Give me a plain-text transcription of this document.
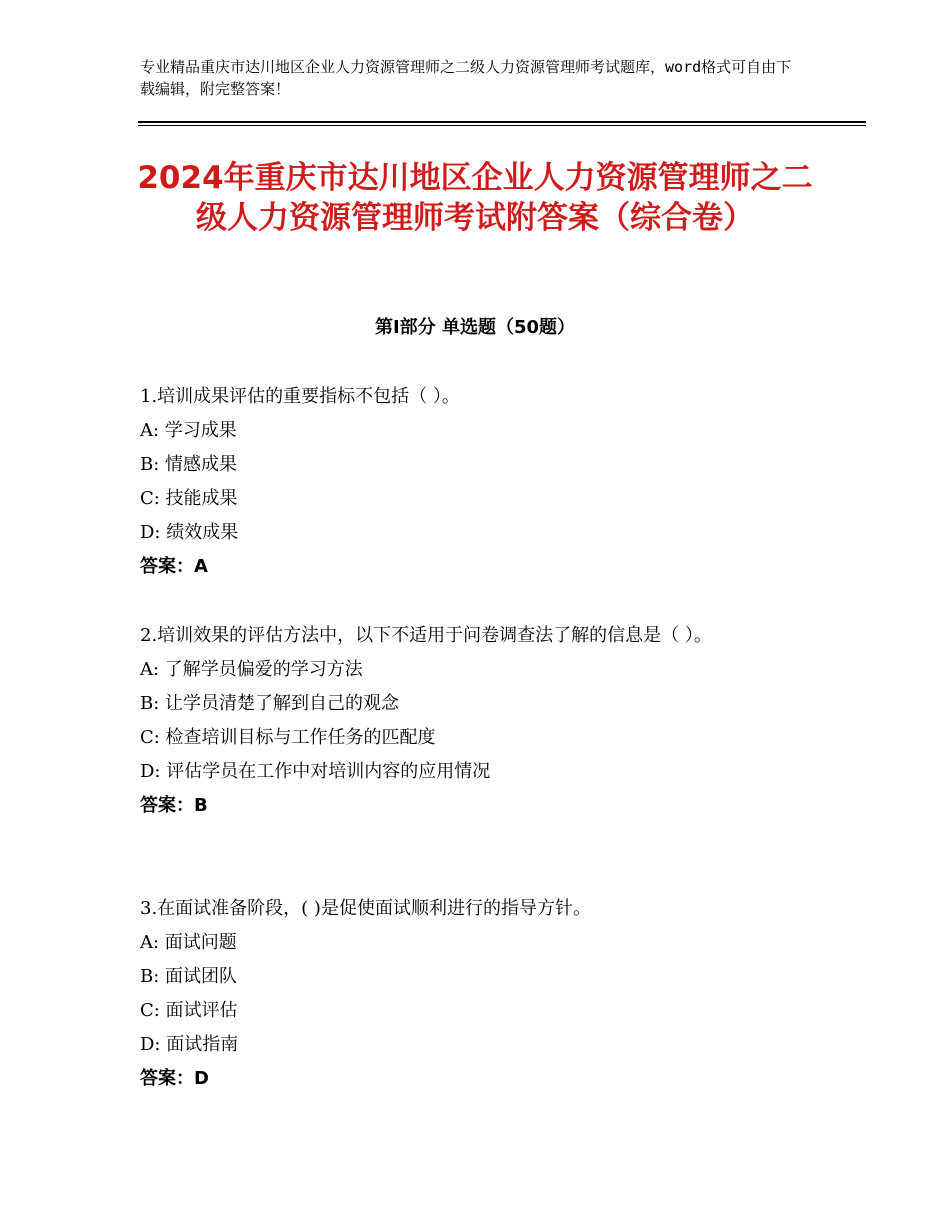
专业精品重庆市达川地区企业人力资源管理师之二级人力资源管理师考试题库，word格式可自由下载编辑，附完整答案！
2024年重庆市达川地区企业人力资源管理师之二级人力资源管理师考试附答案（综合卷）
第Ⅰ部分 单选题（50题）
1.培训成果评估的重要指标不包括（ ）。
A: 学习成果
B: 情感成果
C: 技能成果
D: 绩效成果
答案：A
2.培训效果的评估方法中，以下不适用于问卷调查法了解的信息是（ ）。
A: 了解学员偏爱的学习方法
B: 让学员清楚了解到自己的观念
C: 检查培训目标与工作任务的匹配度
D: 评估学员在工作中对培训内容的应用情况
答案：B
3.在面试准备阶段，( )是促使面试顺利进行的指导方针。
A: 面试问题
B: 面试团队
C: 面试评估
D: 面试指南
答案：D
